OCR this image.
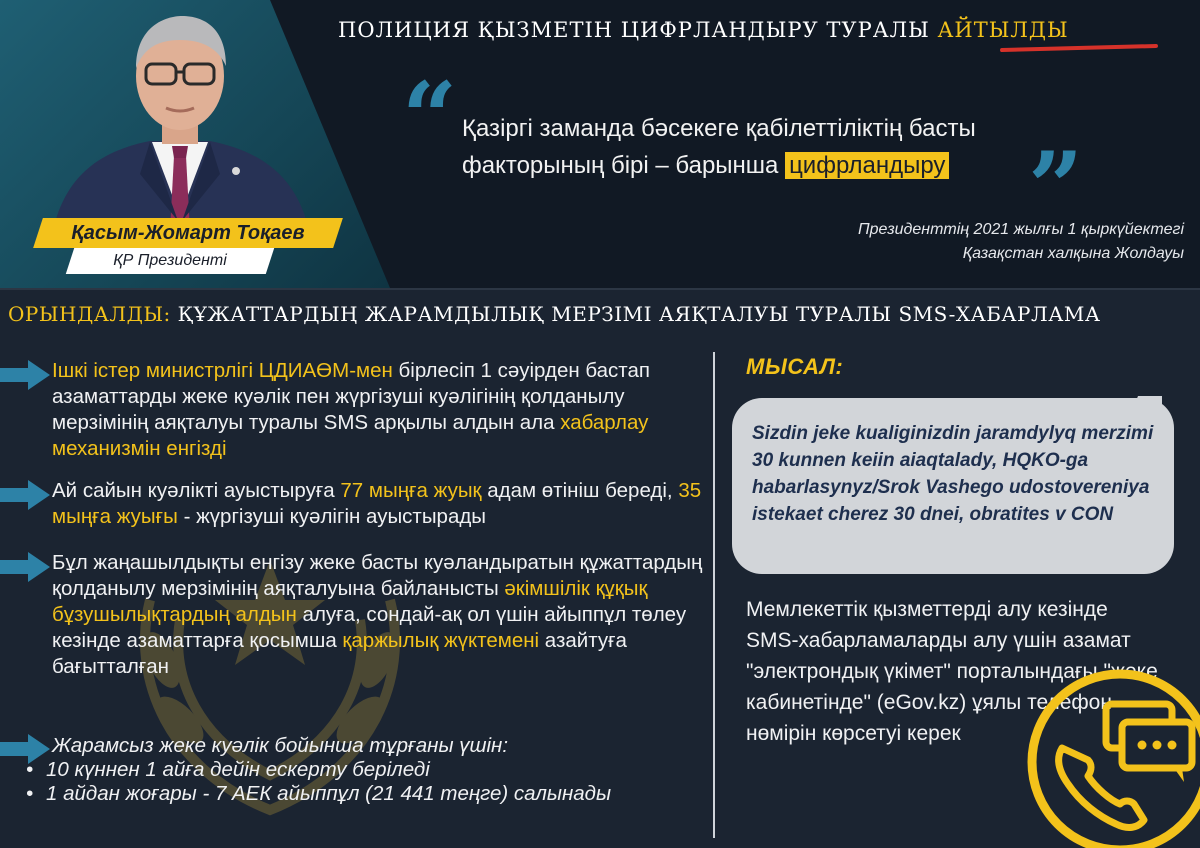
Қасым-Жомарт Тоқаев
ҚР Президенті
ПОЛИЦИЯ ҚЫЗМЕТІН ЦИФРЛАНДЫРУ ТУРАЛЫ АЙТЫЛДЫ
“ Қазіргі заманда бәсекеге қабілеттіліктің басты факторының бірі – барынша цифрландыру ”
Президенттің 2021 жылғы 1 қыркүйектегі
Қазақстан халқына Жолдауы
ОРЫНДАЛДЫ: ҚҰЖАТТАРДЫҢ ЖАРАМДЫЛЫҚ МЕРЗІМІ АЯҚТАЛУЫ ТУРАЛЫ SMS-ХАБАРЛАМА
Ішкі істер министрлігі ЦДИАӨМ-мен бірлесіп 1 сәуірден бастап азаматтарды жеке куәлік пен жүргізуші куәлігінің қолданылу мерзімінің аяқталуы туралы SMS арқылы алдын ала хабарлау механизмін енгізді
Ай сайын куәлікті ауыстыруға 77 мыңға жуық адам өтініш береді, 35 мыңға жуығы - жүргізуші куәлігін ауыстырады
Бұл жаңашылдықты енгізу жеке басты куәландыратын құжаттардың қолданылу мерзімінің аяқталуына байланысты әкімшілік құқық бұзушылықтардың алдын алуға, сондай-ақ ол үшін айыппұл төлеу кезінде азаматтарға қосымша қаржылық жүктемені азайтуға бағытталған
Жарамсыз жеке куәлік бойынша тұрғаны үшін:
• 10 күннен 1 айға дейін ескерту беріледі
• 1 айдан жоғары - 7 АЕК айыппұл (21 441 теңге) салынады
МЫСАЛ:
Sizdin jeke kualiginizdin jaramdylyq merzimi 30 kunnen keiin aiaqtalady, HQKO-ga habarlasynyz/Srok Vashego udostovereniya istekaet cherez 30 dnei, obratites v CON
Мемлекеттік қызметтерді алу кезінде SMS-хабарламаларды алу үшін азамат "электрондық үкімет" порталындағы "жеке кабинетінде" (eGov.kz) ұялы телефон нөмірін көрсетуі керек
